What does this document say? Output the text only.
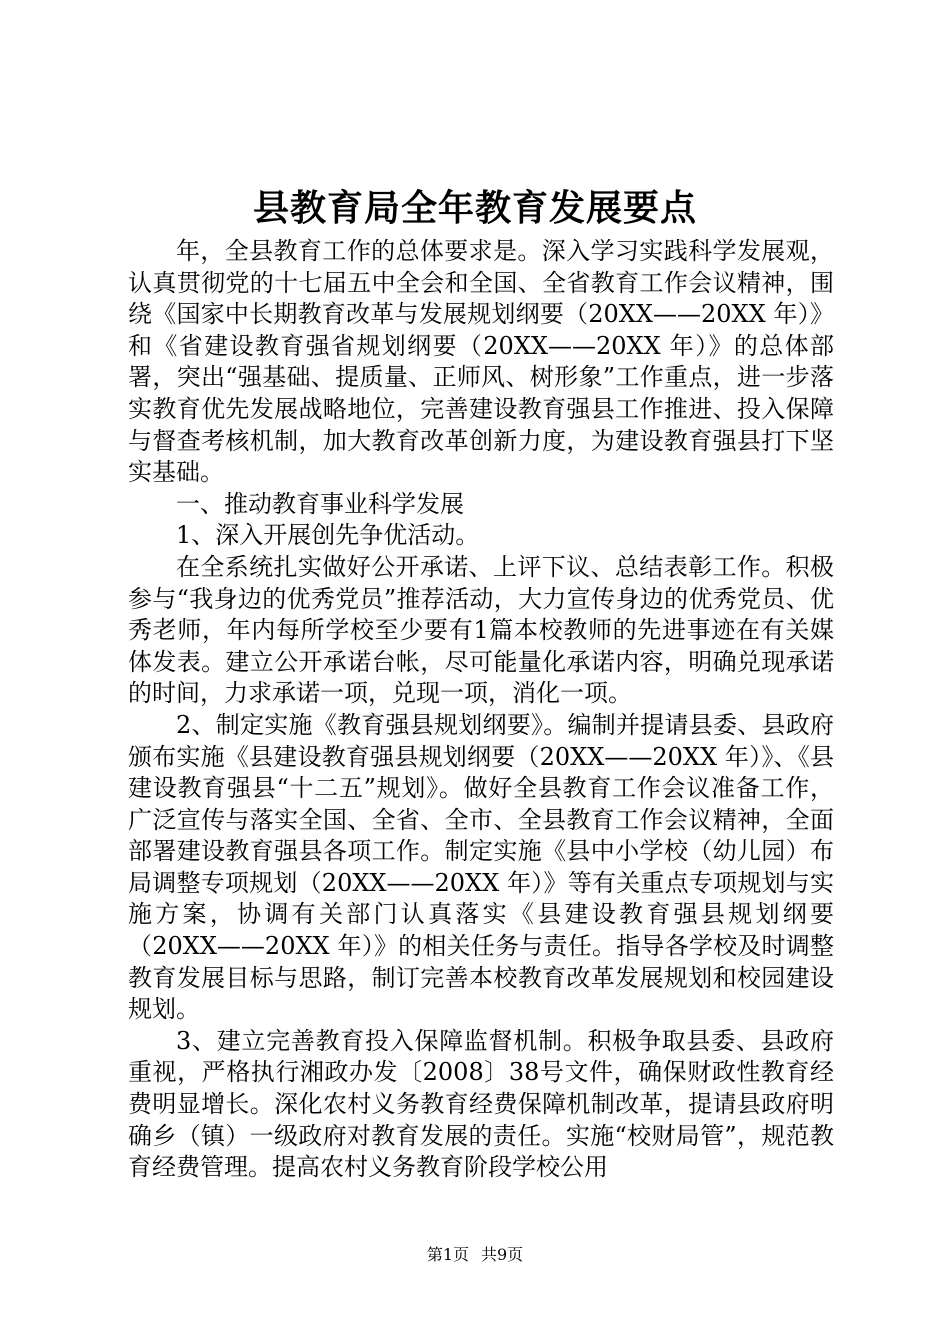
县教育局全年教育发展要点

年，全县教育工作的总体要求是。深入学习实践科学发展观，认真贯彻党的十七届五中全会和全国、全省教育工作会议精神，围绕《国家中长期教育改革与发展规划纲要（20XX——20XX 年）》和《省建设教育强省规划纲要（20XX——20XX 年）》的总体部署，突出“强基础、提质量、正师风、树形象”工作重点，进一步落实教育优先发展战略地位，完善建设教育强县工作推进、投入保障与督查考核机制，加大教育改革创新力度，为建设教育强县打下坚实基础。

一、推动教育事业科学发展

1、深入开展创先争优活动。

在全系统扎实做好公开承诺、上评下议、总结表彰工作。积极参与“我身边的优秀党员”推荐活动，大力宣传身边的优秀党员、优秀老师，年内每所学校至少要有1篇本校教师的先进事迹在有关媒体发表。建立公开承诺台帐，尽可能量化承诺内容，明确兑现承诺的时间，力求承诺一项，兑现一项，消化一项。

2、制定实施《教育强县规划纲要》。编制并提请县委、县政府颁布实施《县建设教育强县规划纲要（20XX——20XX 年）》、《县建设教育强县“十二五”规划》。做好全县教育工作会议准备工作，广泛宣传与落实全国、全省、全市、全县教育工作会议精神，全面部署建设教育强县各项工作。制定实施《县中小学校（幼儿园）布局调整专项规划（20XX——20XX 年）》等有关重点专项规划与实施方案，协调有关部门认真落实《县建设教育强县规划纲要（20XX——20XX 年）》的相关任务与责任。指导各学校及时调整教育发展目标与思路，制订完善本校教育改革发展规划和校园建设规划。

3、建立完善教育投入保障监督机制。积极争取县委、县政府重视，严格执行湘政办发〔2008〕38号文件，确保财政性教育经费明显增长。深化农村义务教育经费保障机制改革，提请县政府明确乡（镇）一级政府对教育发展的责任。实施“校财局管”，规范教育经费管理。提高农村义务教育阶段学校公用

第1页 共9页
